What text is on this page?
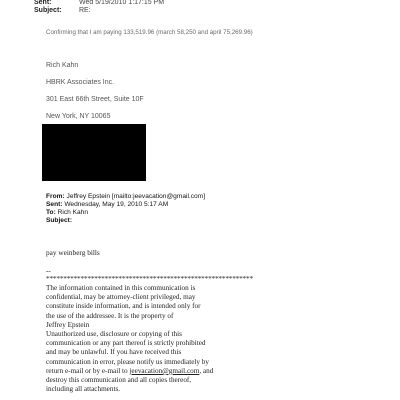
Sent:	Wed 5/19/2010 1:17:15 PM
Subject: RE:
Confirming that I am paying 133,519.96 (march 58,250 and april 75,269.96)
Rich Kahn
HBRK Associates Inc.
301 East 66th Street, Suite 10F
New York, NY 10065
From: Jeffrey Epstein [mailto:jeevacation@gmail.com]
Sent: Wednesday, May 19, 2010 5:17 AM
To: Rich Kahn
Subject:
pay weinberg bills
--
************************************************************
The information contained in this communication is
confidential, may be attorney-client privileged, may
constitute inside information, and is intended only for
the use of the addressee. It is the property of
Jeffrey Epstein
Unauthorized use, disclosure or copying of this
communication or any part thereof is strictly prohibited
and may be unlawful. If you have received this
communication in error, please notify us immediately by
return e-mail or by e-mail to jeevacation@gmail.com, and
destroy this communication and all copies thereof,
including all attachments.
